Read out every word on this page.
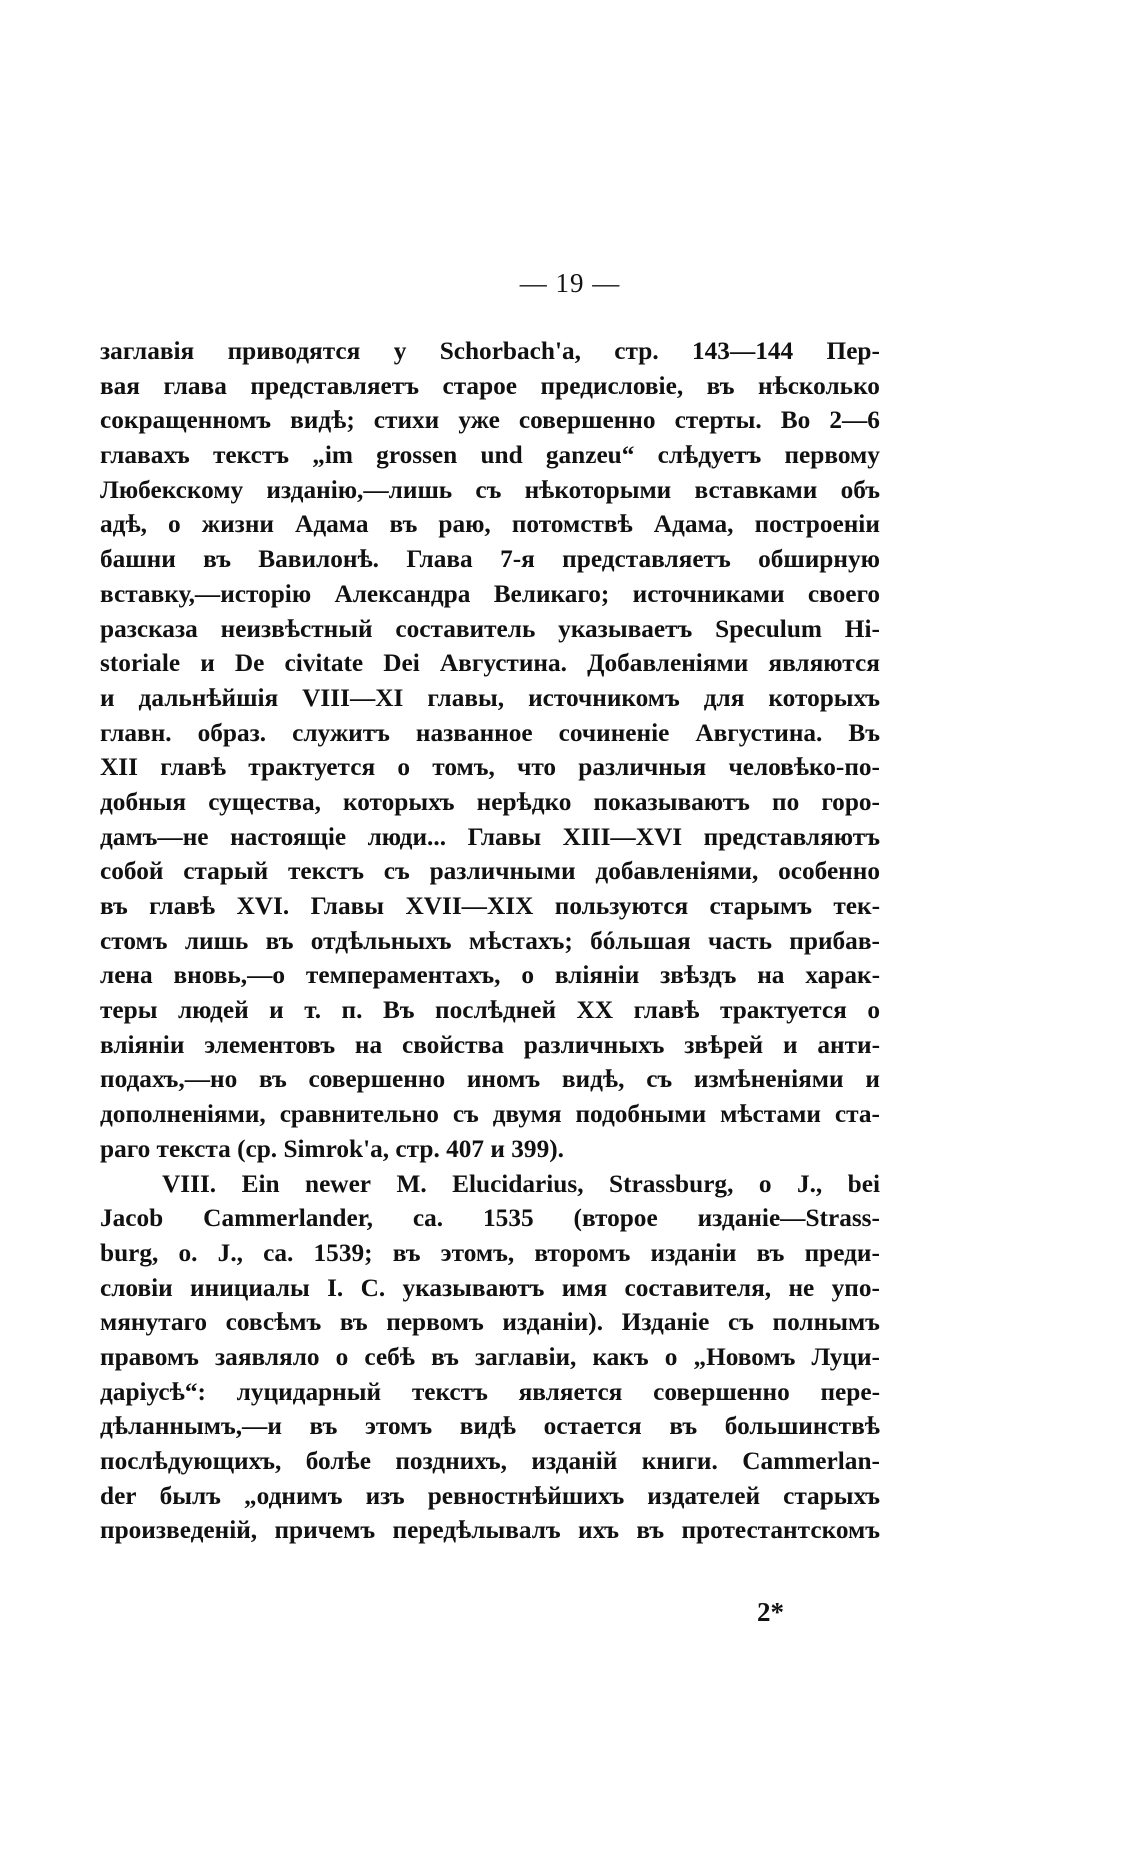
— 19 —
заглавія приводятся у Schorbach'а, стр. 143—144 Пер-
вая глава представляетъ старое предисловіе, въ нѣсколько
сокращенномъ видѣ; стихи уже совершенно стерты. Во 2—6
главахъ текстъ „im grossen und ganzeu“ слѣдуетъ первому
Любекскому изданію,—лишь съ нѣкоторыми вставками объ
адѣ, о жизни Адама въ раю, потомствѣ Адама, построеніи
башни въ Вавилонѣ. Глава 7-я представляетъ обширную
вставку,—исторію Александра Великаго; источниками своего
разсказа неизвѣстный составитель указываетъ Speculum Hi-
storiale и De civitate Dei Августина. Добавленіями являются
и дальнѣйшія VIII—XI главы, источникомъ для которыхъ
главн. образ. служитъ названное сочиненіе Августина. Въ
XII главѣ трактуется о томъ, что различныя человѣко-по-
добныя существа, которыхъ нерѣдко показываютъ по горо-
дамъ—не настоящіе люди... Главы XIII—XVI представляютъ
собой старый текстъ съ различными добавленіями, особенно
въ главѣ XVI. Главы XVII—XIX пользуются старымъ тек-
стомъ лишь въ отдѣльныхъ мѣстахъ; бóльшая часть прибав-
лена вновь,—о темпераментахъ, о вліяніи звѣздъ на харак-
теры людей и т. п. Въ послѣдней XX главѣ трактуется о
вліяніи элементовъ на свойства различныхъ звѣрей и анти-
подахъ,—но въ совершенно иномъ видѣ, съ измѣненіями и
дополненіями, сравнительно съ двумя подобными мѣстами ста-
раго текста (ср. Simrok'а, стр. 407 и 399).
VIII. Ein newer M. Elucidarius, Strassburg, o J., bei
Jacob Cammerlander, ca. 1535 (второе изданіе—Strass-
burg, o. J., ca. 1539; въ этомъ, второмъ изданіи въ преди-
словіи инициалы I. C. указываютъ имя составителя, не упо-
мянутаго совсѣмъ въ первомъ изданіи). Изданіе съ полнымъ
правомъ заявляло о себѣ въ заглавіи, какъ о „Новомъ Луци-
даріусѣ“: луцидарный текстъ является совершенно пере-
дѣланнымъ,—и въ этомъ видѣ остается въ большинствѣ
послѣдующихъ, болѣе позднихъ, изданій книги. Cammerlan-
der былъ „однимъ изъ ревностнѣйшихъ издателей старыхъ
произведеній, причемъ передѣлывалъ ихъ въ протестантскомъ
2*
